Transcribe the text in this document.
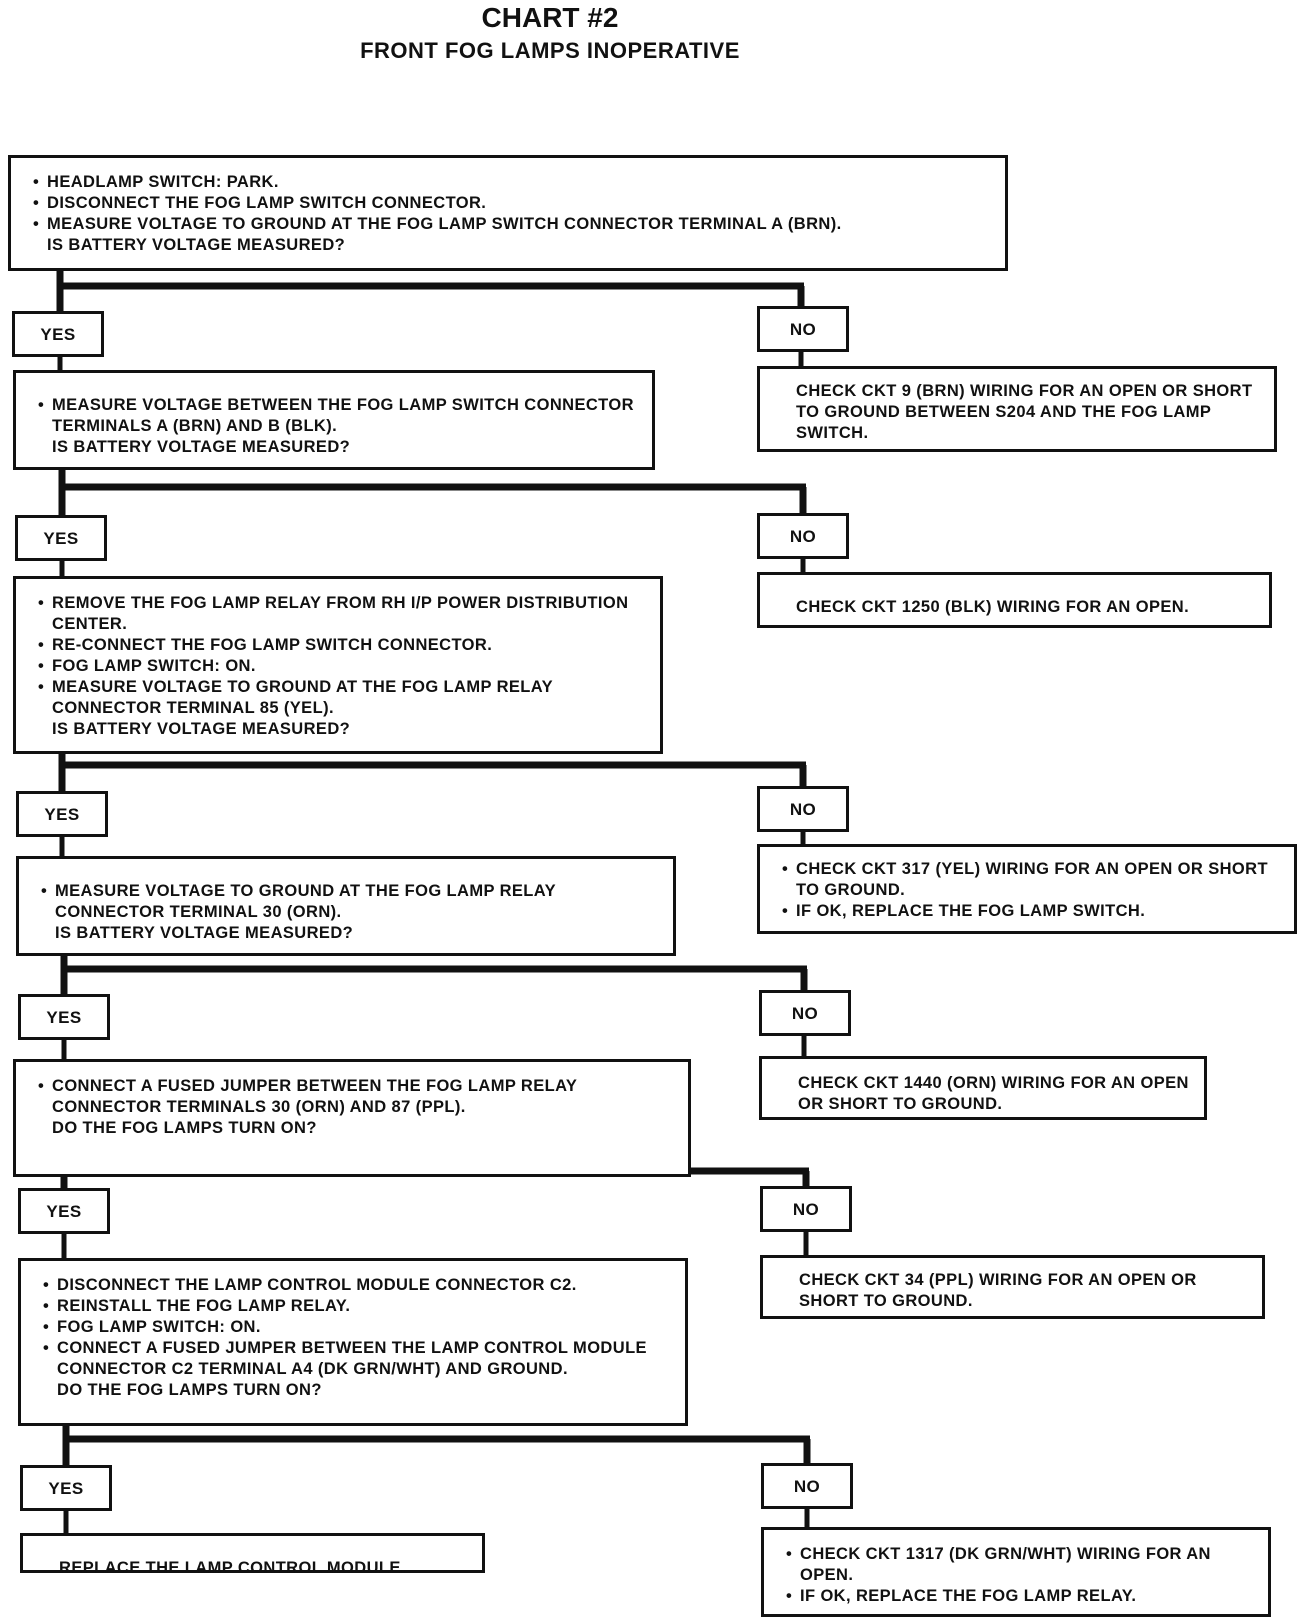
CHART #2
FRONT FOG LAMPS INOPERATIVE
• HEADLAMP SWITCH: PARK.
• DISCONNECT THE FOG LAMP SWITCH CONNECTOR.
• MEASURE VOLTAGE TO GROUND AT THE FOG LAMP SWITCH CONNECTOR TERMINAL A (BRN).
IS BATTERY VOLTAGE MEASURED?
YES	NO
CHECK CKT 9 (BRN) WIRING FOR AN OPEN OR SHORT TO GROUND BETWEEN S204 AND THE FOG LAMP SWITCH.
• MEASURE VOLTAGE BETWEEN THE FOG LAMP SWITCH CONNECTOR TERMINALS A (BRN) AND B (BLK).
IS BATTERY VOLTAGE MEASURED?
YES	NO
CHECK CKT 1250 (BLK) WIRING FOR AN OPEN.
• REMOVE THE FOG LAMP RELAY FROM RH I/P POWER DISTRIBUTION CENTER.
• RE-CONNECT THE FOG LAMP SWITCH CONNECTOR.
• FOG LAMP SWITCH: ON.
• MEASURE VOLTAGE TO GROUND AT THE FOG LAMP RELAY CONNECTOR TERMINAL 85 (YEL).
IS BATTERY VOLTAGE MEASURED?
YES	NO
• CHECK CKT 317 (YEL) WIRING FOR AN OPEN OR SHORT TO GROUND.
• IF OK, REPLACE THE FOG LAMP SWITCH.
• MEASURE VOLTAGE TO GROUND AT THE FOG LAMP RELAY CONNECTOR TERMINAL 30 (ORN).
IS BATTERY VOLTAGE MEASURED?
YES	NO
CHECK CKT 1440 (ORN) WIRING FOR AN OPEN OR SHORT TO GROUND.
• CONNECT A FUSED JUMPER BETWEEN THE FOG LAMP RELAY CONNECTOR TERMINALS 30 (ORN) AND 87 (PPL).
DO THE FOG LAMPS TURN ON?
YES	NO
CHECK CKT 34 (PPL) WIRING FOR AN OPEN OR SHORT TO GROUND.
• DISCONNECT THE LAMP CONTROL MODULE CONNECTOR C2.
• REINSTALL THE FOG LAMP RELAY.
• FOG LAMP SWITCH: ON.
• CONNECT A FUSED JUMPER BETWEEN THE LAMP CONTROL MODULE CONNECTOR C2 TERMINAL A4 (DK GRN/WHT) AND GROUND.
DO THE FOG LAMPS TURN ON?
YES	NO
• CHECK CKT 1317 (DK GRN/WHT) WIRING FOR AN OPEN.
• IF OK, REPLACE THE FOG LAMP RELAY.
REPLACE THE LAMP CONTROL MODULE.
